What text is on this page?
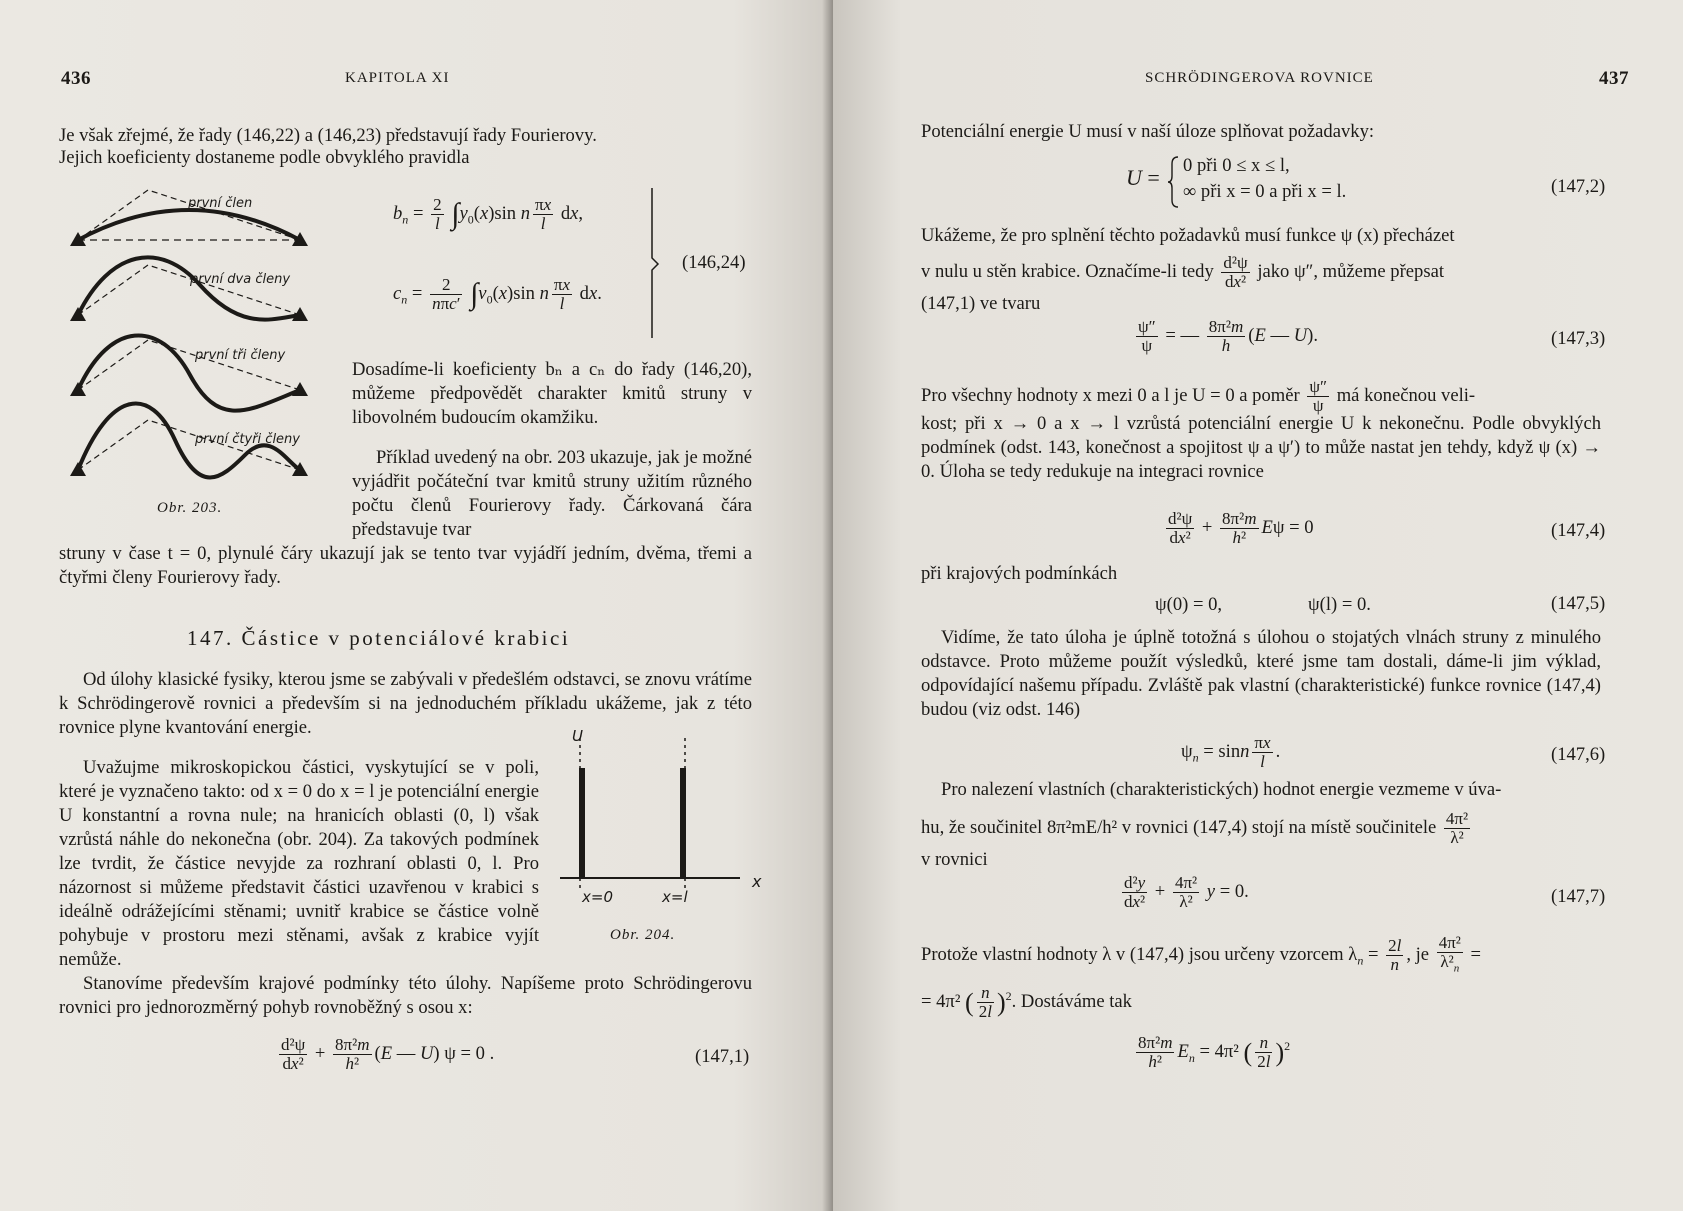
436	KAPITOLA XI
Je však zřejmé, že řady (146,22) a (146,23) představují řady Fourierovy.
Jejich koeficienty dostaneme podle obvyklého pravidla
první člen
první dva členy
první tři členy
první čtyři členy
Obr. 203.
$b_n = \frac{2}{l} \int y_0(x)\sin$ n $\frac{\pi x}{l}$ dx,
$c_n = \frac{2}{\text{nπc′}} \int v_0(x)\sin$ n $\frac{\pi x}{l}$ dx.
(146,24)
Dosadíme-li koeficienty bₙ a cₙ do řady (146,20), můžeme předpovědět charakter kmitů struny v libovolném budoucím okamžiku.
Příklad uvedený na obr. 203 ukazuje, jak je možné vyjádřit počáteční tvar kmitů struny užitím různého počtu členů Fourierovy řady. Čárkovaná čára představuje tvar
struny v čase t = 0, plynulé čáry ukazují jak se tento tvar vyjádří jedním, dvěma, třemi a čtyřmi členy Fourierovy řady.
147. Částice v potenciálové krabici
Od úlohy klasické fysiky, kterou jsme se zabývali v předešlém odstavci, se znovu vrátíme k Schrödingerově rovnici a především si na jednoduchém příkladu ukážeme, jak z této rovnice plyne kvantování energie.
Uvažujme mikroskopickou částici, vyskytující se v poli, které je vyznačeno takto: od x = 0 do x = l je potenciální energie U konstantní a rovna nule; na hranicích oblasti (0, l) však vzrůstá náhle do nekonečna (obr. 204). Za takových podmínek lze tvrdit, že částice nevyjde za rozhraní oblasti 0, l. Pro názornost si můžeme představit částici uzavřenou v krabici s ideálně odrážejícími stěnami; uvnitř krabice se částice volně pohybuje v prostoru mezi stěnami, avšak z krabice vyjít nemůže.
U
x
x=0	x=l
Obr. 204.
Stanovíme především krajové podmínky této úlohy. Napíšeme proto Schrödingerovu rovnici pro jednorozměrný pohyb rovnoběžný s osou x:
$\frac{\text{d²ψ}}{\text{dx²}} + \frac{\text{8π²m}}{\text{h²}} (E$ — U) ψ = 0 .	(147,1)
SCHRÖDINGEROVA ROVNICE	437
Potenciální energie U musí v naší úloze splňovat požadavky:
U = 0 při 0 ≤ x ≤ l,
∞ při x = 0 a při x = l.	(147,2)
Ukážeme, že pro splnění těchto požadavků musí funkce ψ (x) přecházet
v nulu u stěn krabice. Označíme-li tedy $\frac{\text{d²ψ}}{\text{dx²}}$ jako ψ″, můžeme přepsat
(147,1) ve tvaru
$\frac{\psi''}{\psi}$ = — $\frac{\text{8π²m}}{h} (E$ — U).	(147,3)
Pro všechny hodnoty x mezi 0 a l je U = 0 a poměr $\frac{\psi''}{\psi}$ má konečnou veli-
kost; při x → 0 a x → l vzrůstá potenciální energie U k nekonečnu. Podle obvyklých podmínek (odst. 143, konečnost a spojitost ψ a ψ′) to může nastat jen tehdy, když ψ (x) → 0. Úloha se tedy redukuje na integraci rovnice
$\frac{\text{d²ψ}}{\text{dx²}} + \frac{\text{8π²m}}{\text{h²}}$ Eψ = 0	(147,4)
při krajových podmínkách
ψ(0) = 0,	ψ(l) = 0.	(147,5)
Vidíme, že tato úloha je úplně totožná s úlohou o stojatých vlnách struny z minulého odstavce. Proto můžeme použít výsledků, které jsme tam dostali, dáme-li jim výklad, odpovídající našemu případu. Zvláště pak vlastní (charakteristické) funkce rovnice (147,4) budou (viz odst. 146)
$\psi_n = \sin n \frac{\pi x}{l}$ .	(147,6)
Pro nalezení vlastních (charakteristických) hodnot energie vezmeme v úva-
hu, že součinitel 8π²mE/h² v rovnici (147,4) stojí na místě součinitele $\frac{\text{4π²}}{\text{λ²}}$
v rovnici
$\frac{\text{d²y}}{\text{dx²}} + \frac{\text{4π²}}{\text{λ²}}$ y = 0.	(147,7)
Protože vlastní hodnoty λ v (147,4) jsou určeny vzorcem $\lambda_n = \frac{2l}{n}$ , je $\frac{\text{4π²}}{\lambda^2_n}$ =
= 4π² ( $\frac{n}{2l} )^2$. Dostáváme tak
$\frac{\text{8π²m}}{\text{h²}} E_n = 4\pi^2$ ( $\frac{n}{2l} )^2$
